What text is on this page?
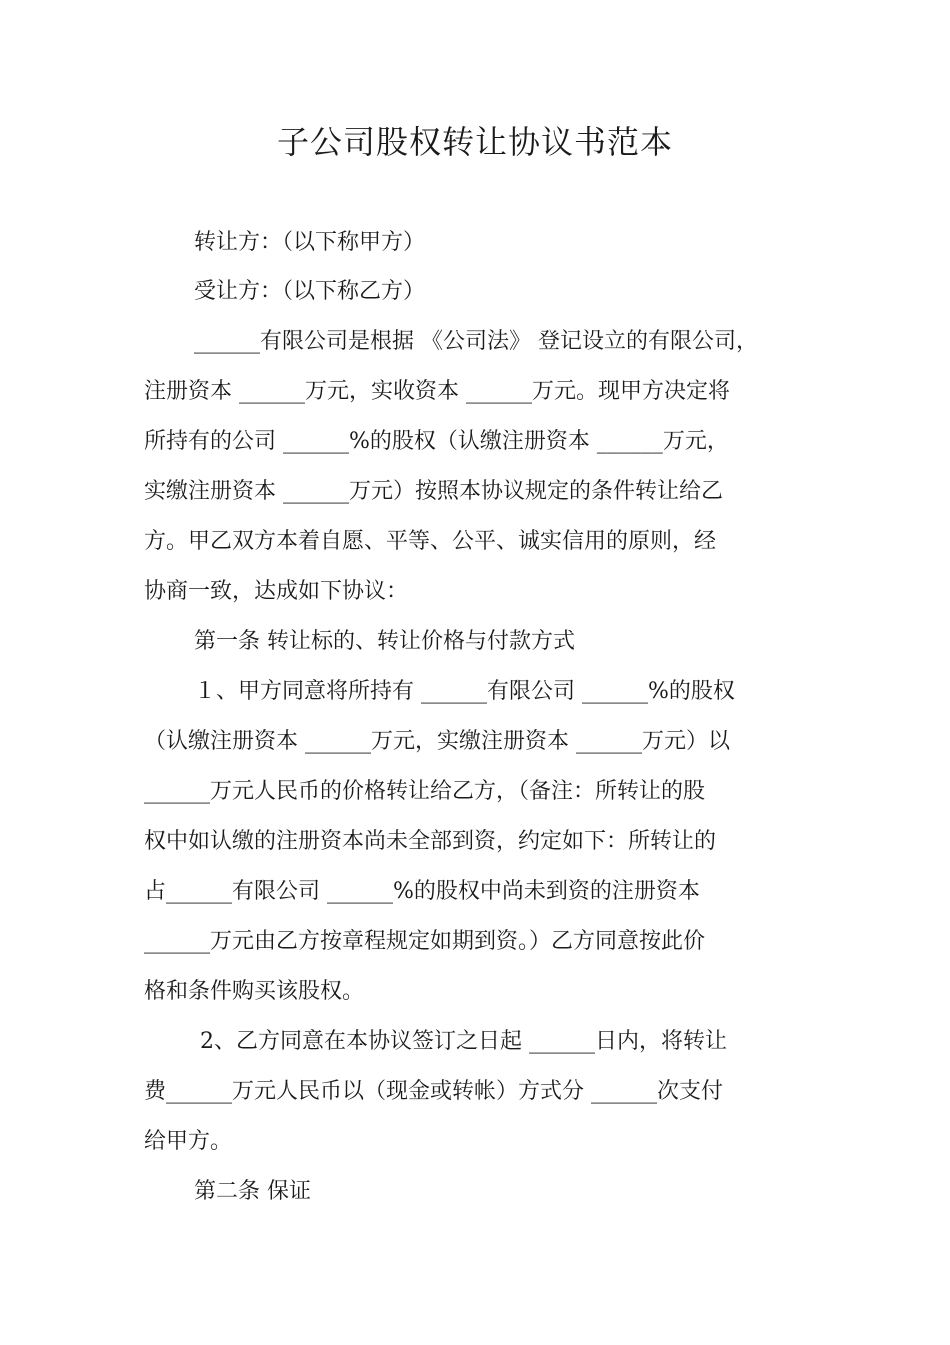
子公司股权转让协议书范本
转让方：（以下称甲方）
受让方：（以下称乙方）
______有限公司是根据 《公司法》 登记设立的有限公司，
注册资本 ______万元，实收资本 ______万元。现甲方决定将
所持有的公司 ______%的股权（认缴注册资本 ______万元，
实缴注册资本 ______万元）按照本协议规定的条件转让给乙
方。甲乙双方本着自愿、平等、公平、诚实信用的原则，经
协商一致，达成如下协议：
第一条 转让标的、转让价格与付款方式
１、甲方同意将所持有 ______有限公司 ______%的股权
（认缴注册资本 ______万元，实缴注册资本 ______万元）以
______万元人民币的价格转让给乙方，（备注：所转让的股
权中如认缴的注册资本尚未全部到资，约定如下：所转让的
占______有限公司 ______%的股权中尚未到资的注册资本
______万元由乙方按章程规定如期到资。）乙方同意按此价
格和条件购买该股权。
2、乙方同意在本协议签订之日起 ______日内，将转让
费______万元人民币以（现金或转帐）方式分 ______次支付
给甲方。
第二条 保证
